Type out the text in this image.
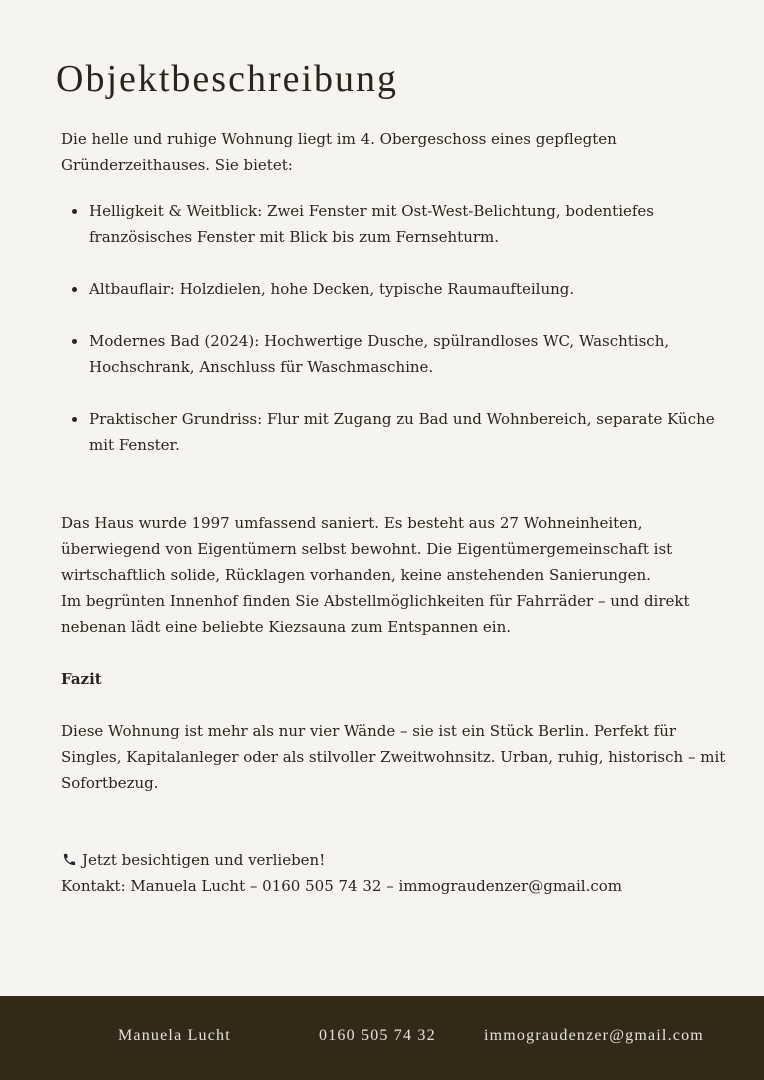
Objektbeschreibung
Die helle und ruhige Wohnung liegt im 4. Obergeschoss eines gepflegten Gründerzeithauses. Sie bietet:
Helligkeit & Weitblick: Zwei Fenster mit Ost-West-Belichtung, bodentiefes
französisches Fenster mit Blick bis zum Fernsehturm.
Altbauflair: Holzdielen, hohe Decken, typische Raumaufteilung.
Modernes Bad (2024): Hochwertige Dusche, spülrandloses WC, Waschtisch,
Hochschrank, Anschluss für Waschmaschine.
Praktischer Grundriss: Flur mit Zugang zu Bad und Wohnbereich, separate Küche
mit Fenster.
Das Haus wurde 1997 umfassend saniert. Es besteht aus 27 Wohneinheiten,
überwiegend von Eigentümern selbst bewohnt. Die Eigentümergemeinschaft ist
wirtschaftlich solide, Rücklagen vorhanden, keine anstehenden Sanierungen.
Im begrünten Innenhof finden Sie Abstellmöglichkeiten für Fahrräder – und direkt
nebenan lädt eine beliebte Kiezsauna zum Entspannen ein.
Fazit
Diese Wohnung ist mehr als nur vier Wände – sie ist ein Stück Berlin. Perfekt für
Singles, Kapitalanleger oder als stilvoller Zweitwohnsitz. Urban, ruhig, historisch – mit
Sofortbezug.
Jetzt besichtigen und verlieben!
Kontakt: Manuela Lucht – 0160 505 74 32 – immograudenzer@gmail.com
Manuela Lucht	0160 505 74 32	immograudenzer@gmail.com
